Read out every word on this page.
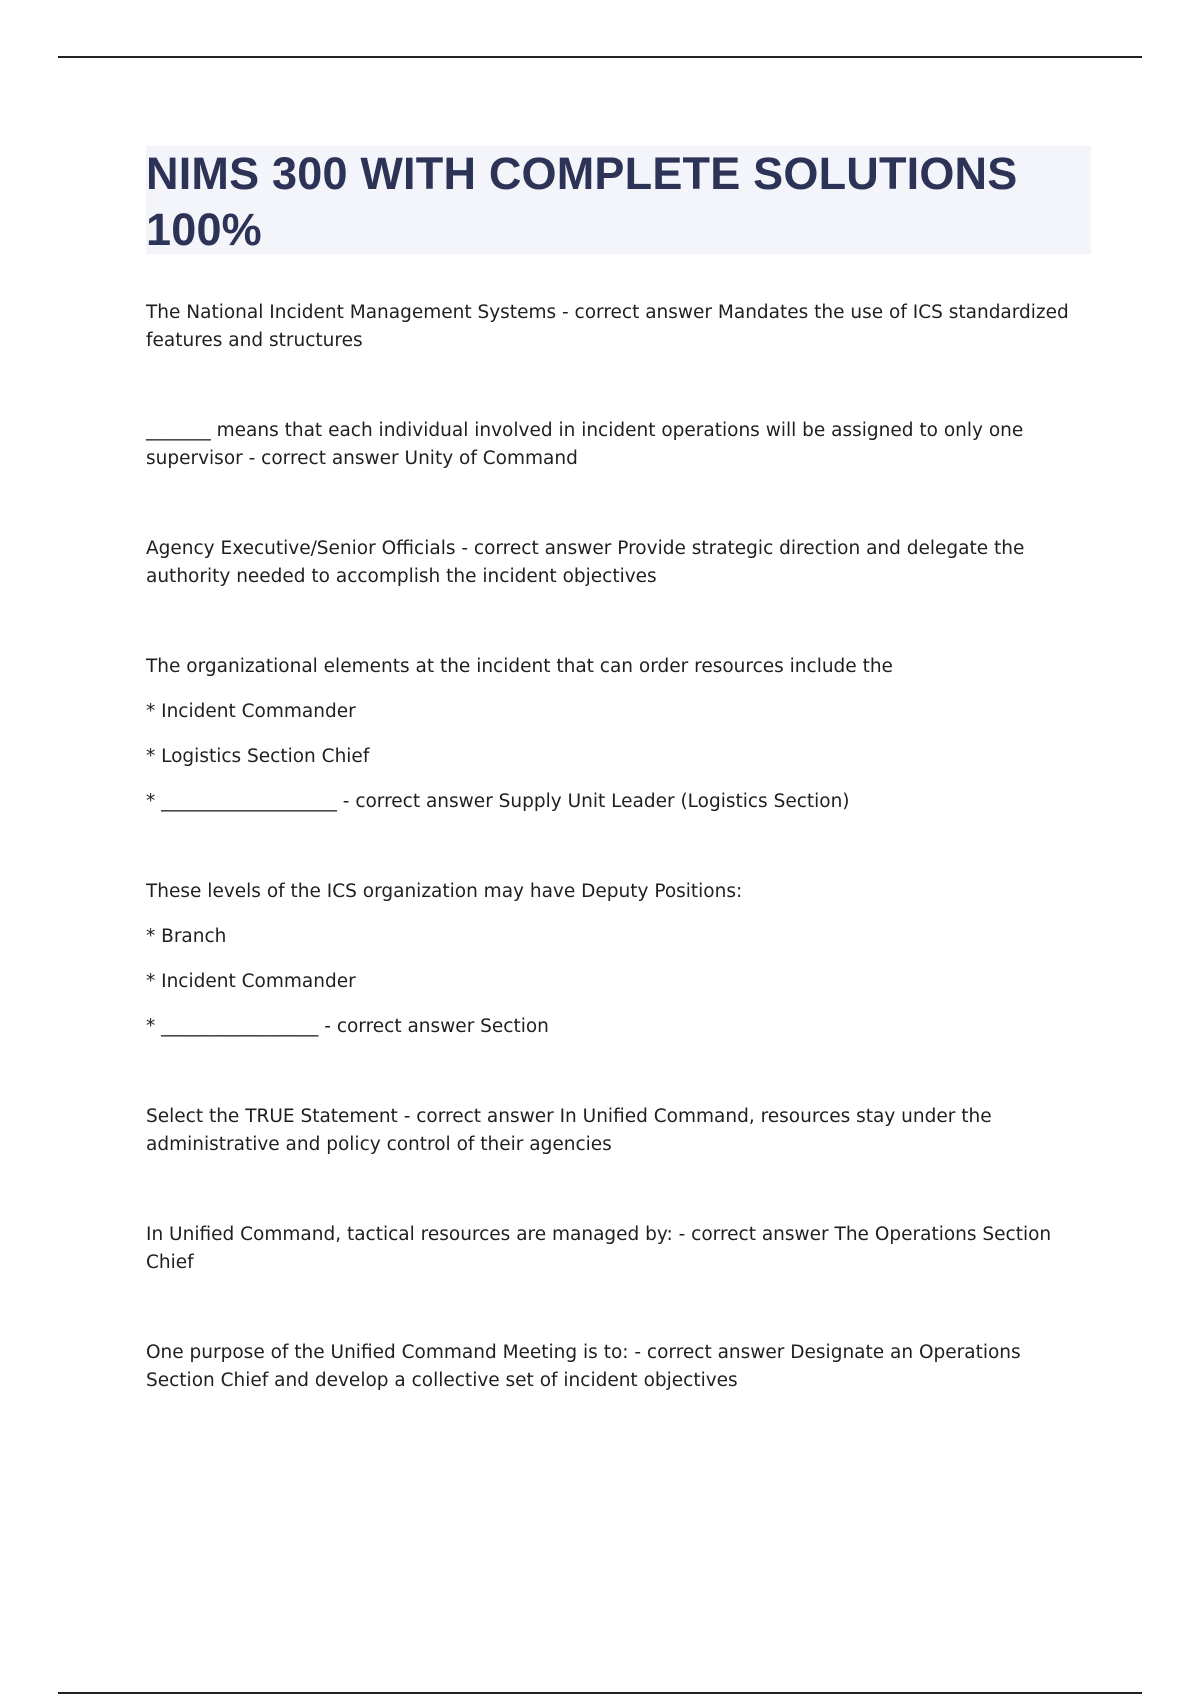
NIMS 300 WITH COMPLETE SOLUTIONS 100%

The National Incident Management Systems - correct answer Mandates the use of ICS standardized features and structures

_______ means that each individual involved in incident operations will be assigned to only one supervisor - correct answer Unity of Command

Agency Executive/Senior Officials - correct answer Provide strategic direction and delegate the authority needed to accomplish the incident objectives

The organizational elements at the incident that can order resources include the

* Incident Commander

* Logistics Section Chief

* ___________________ - correct answer Supply Unit Leader (Logistics Section)

These levels of the ICS organization may have Deputy Positions:

* Branch

* Incident Commander

* _________________ - correct answer Section

Select the TRUE Statement - correct answer In Unified Command, resources stay under the administrative and policy control of their agencies

In Unified Command, tactical resources are managed by: - correct answer The Operations Section Chief

One purpose of the Unified Command Meeting is to: - correct answer Designate an Operations Section Chief and develop a collective set of incident objectives
